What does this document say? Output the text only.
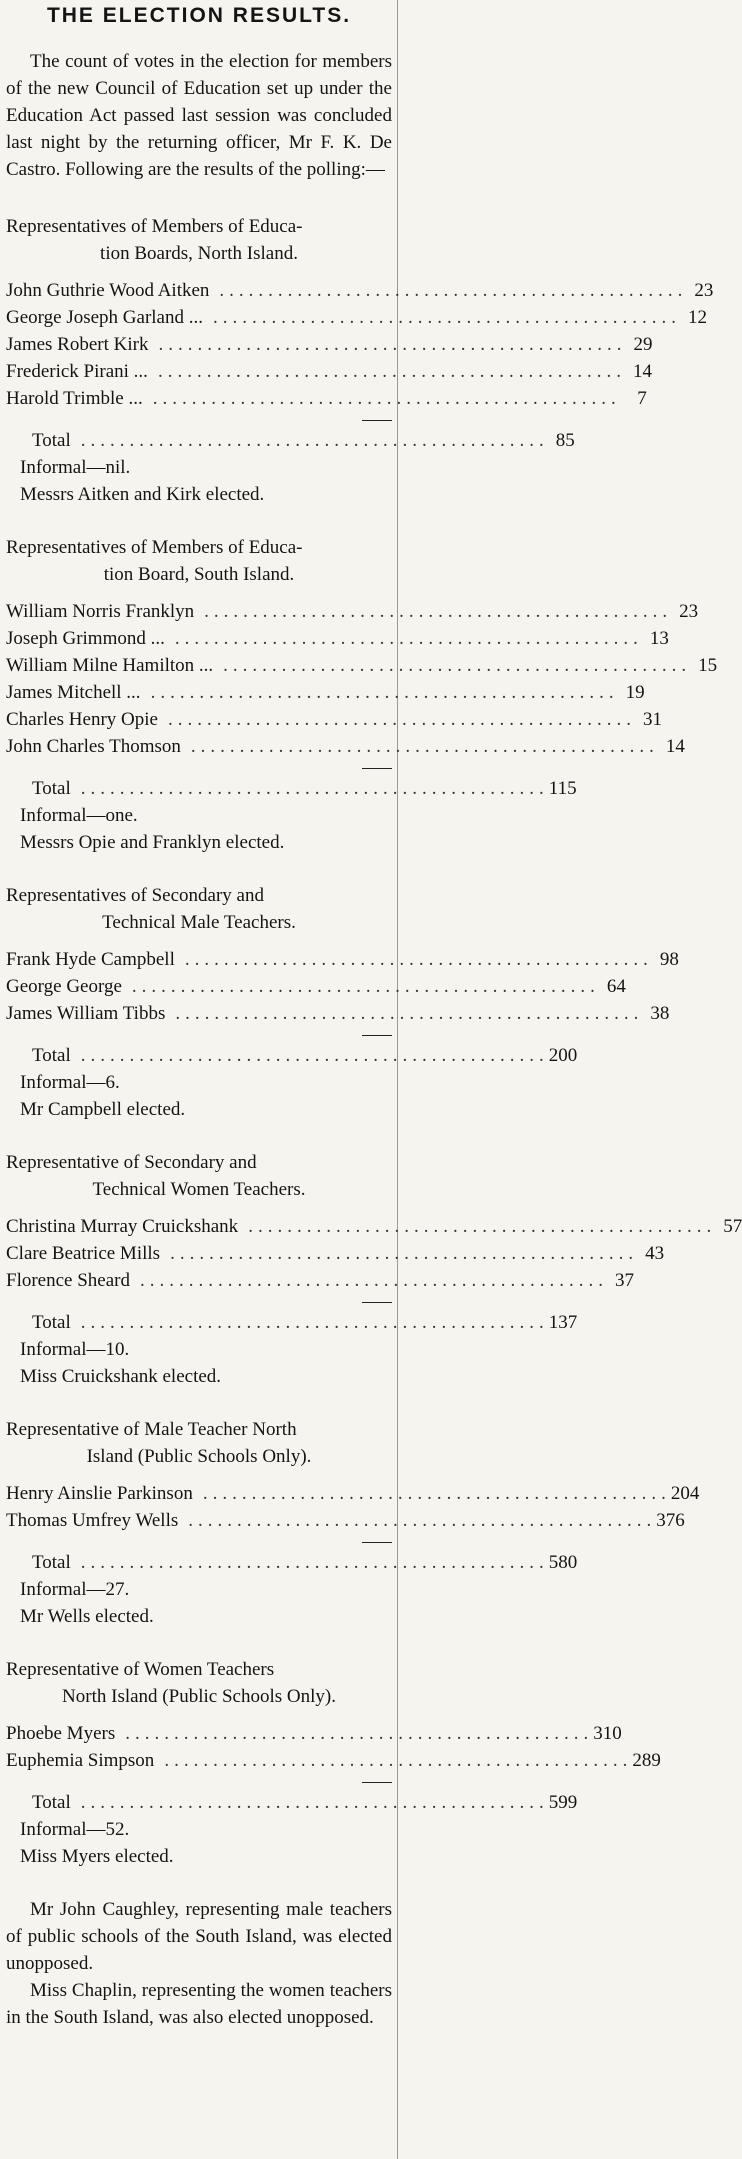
THE ELECTION RESULTS.

The count of votes in the election for members of the new Council of Education set up under the Education Act passed last session was concluded last night by the returning officer, Mr F. K. De Castro. Following are the results of the polling:—

Representatives of Members of Educa-
tion Boards, North Island.
John Guthrie Wood Aitken ................................................ 23
George Joseph Garland ... ................................................ 12
James Robert Kirk ................................................ 29
Frederick Pirani ... ................................................ 14
Harold Trimble ... ................................................ 7
Total ................................................ 85
Informal—nil.
Messrs Aitken and Kirk elected.
Representatives of Members of Educa-
tion Board, South Island.
William Norris Franklyn ................................................ 23
Joseph Grimmond ... ................................................ 13
William Milne Hamilton ... ................................................ 15
James Mitchell ... ................................................ 19
Charles Henry Opie ................................................ 31
John Charles Thomson ................................................ 14
Total ................................................ 115
Informal—one.
Messrs Opie and Franklyn elected.
Representatives of Secondary and
Technical Male Teachers.
Frank Hyde Campbell ................................................ 98
George George ................................................ 64
James William Tibbs ................................................ 38
Total ................................................ 200
Informal—6.
Mr Campbell elected.
Representative of Secondary and
Technical Women Teachers.
Christina Murray Cruickshank ................................................ 57
Clare Beatrice Mills ................................................ 43
Florence Sheard ................................................ 37
Total ................................................ 137
Informal—10.
Miss Cruickshank elected.
Representative of Male Teacher North
Island (Public Schools Only).
Henry Ainslie Parkinson ................................................ 204
Thomas Umfrey Wells ................................................ 376
Total ................................................ 580
Informal—27.
Mr Wells elected.
Representative of Women Teachers
North Island (Public Schools Only).
Phoebe Myers ................................................ 310
Euphemia Simpson ................................................ 289
Total ................................................ 599
Informal—52.
Miss Myers elected.

Mr John Caughley, representing male teachers of public schools of the South Island, was elected unopposed.

Miss Chaplin, representing the women teachers in the South Island, was also elected unopposed.
